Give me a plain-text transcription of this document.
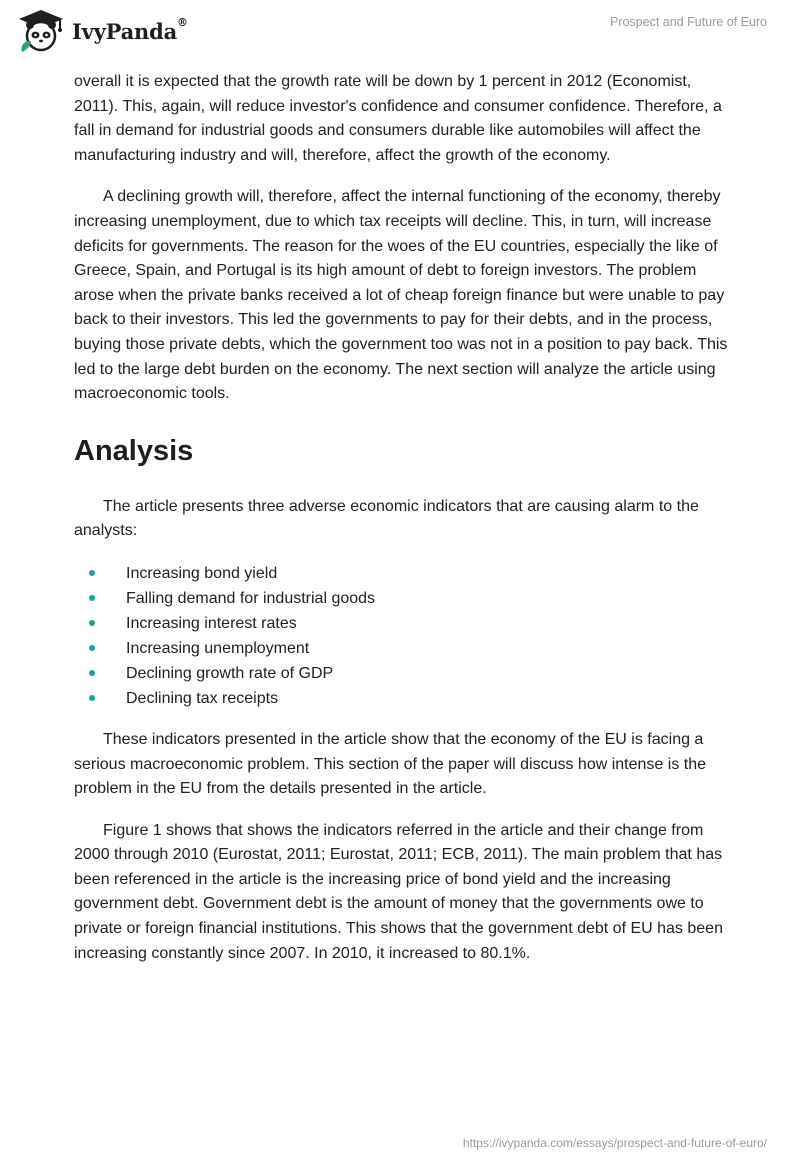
IvyPanda®	Prospect and Future of Euro

overall it is expected that the growth rate will be down by 1 percent in 2012 (Economist, 2011). This, again, will reduce investor's confidence and consumer confidence. Therefore, a fall in demand for industrial goods and consumers durable like automobiles will affect the manufacturing industry and will, therefore, affect the growth of the economy.

A declining growth will, therefore, affect the internal functioning of the economy, thereby increasing unemployment, due to which tax receipts will decline. This, in turn, will increase deficits for governments. The reason for the woes of the EU countries, especially the like of Greece, Spain, and Portugal is its high amount of debt to foreign investors. The problem arose when the private banks received a lot of cheap foreign finance but were unable to pay back to their investors. This led the governments to pay for their debts, and in the process, buying those private debts, which the government too was not in a position to pay back. This led to the large debt burden on the economy. The next section will analyze the article using macroeconomic tools.

Analysis

The article presents three adverse economic indicators that are causing alarm to the analysts:

Increasing bond yield
Falling demand for industrial goods
Increasing interest rates
Increasing unemployment
Declining growth rate of GDP
Declining tax receipts

These indicators presented in the article show that the economy of the EU is facing a serious macroeconomic problem. This section of the paper will discuss how intense is the problem in the EU from the details presented in the article.

Figure 1 shows that shows the indicators referred in the article and their change from 2000 through 2010 (Eurostat, 2011; Eurostat, 2011; ECB, 2011). The main problem that has been referenced in the article is the increasing price of bond yield and the increasing government debt. Government debt is the amount of money that the governments owe to private or foreign financial institutions. This shows that the government debt of EU has been increasing constantly since 2007. In 2010, it increased to 80.1%.

https://ivypanda.com/essays/prospect-and-future-of-euro/
